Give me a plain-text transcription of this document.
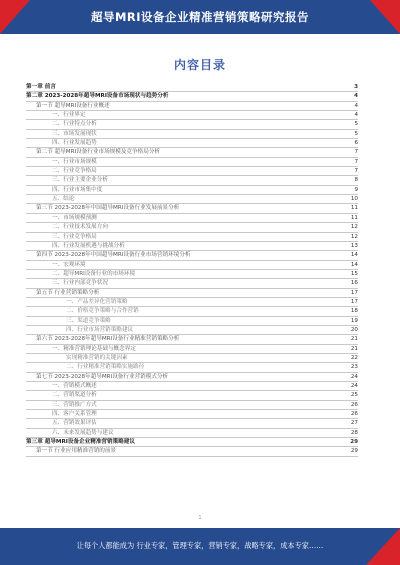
超导MRI设备企业精准营销策略研究报告
内容目录
第一章 前言	3
第二章 2023-2028年超导MRI设备市场现状与趋势分析	4
第一节 超导MRI设备行业概述	4
一、行业界定	4
二、行业特点分析	5
三、市场发展现状	5
四、行业发展趋势	6
第二节 超导MRI设备行业市场规模及竞争格局分析	7
一、行业市场规模	7
二、行业竞争格局	7
三、行业主要企业分析	8
四、行业市场集中度	9
五、结论	10
第三节 2023-2028年中国超导MRI设备行业发展前景分析	11
一、市场规模预测	11
二、行业技术发展方向	12
三、行业竞争格局	12
四、行业发展机遇与挑战分析	13
第四节 2023-2028年中国超导MRI设备行业市场营销环境分析	14
一、宏观环境	14
二、超导MRI设备行业的市场环境	15
三、行业内部竞争状况	16
第五节 行业营销策略分析	17
一、产品差异化营销策略	17
二、价格竞争策略与合作营销	18
三、渠道竞争策略	19
四、行业市场营销策略建议	20
第六节 2023-2028年超导MRI设备行业精准营销策略分析	21
一、精准营销理论基础与概念界定	21
实现精准营销的关键因素	22
二、行业精准营销策略实施路径	23
第七节 2023-2028年超导MRI设备行业营销模式分析	24
一、营销模式概述	24
二、营销渠道分析	25
三、营销推广方式	26
四、客户关系管理	26
五、营销效果评估	27
六、未来发展趋势与建议	28
第三章 超导MRI设备企业精准营销策略建议	29
第一节 行业应用精准营销的前景	29
1
让每个人都能成为 行业专家，管理专家，营销专家，战略专家，成本专家……
